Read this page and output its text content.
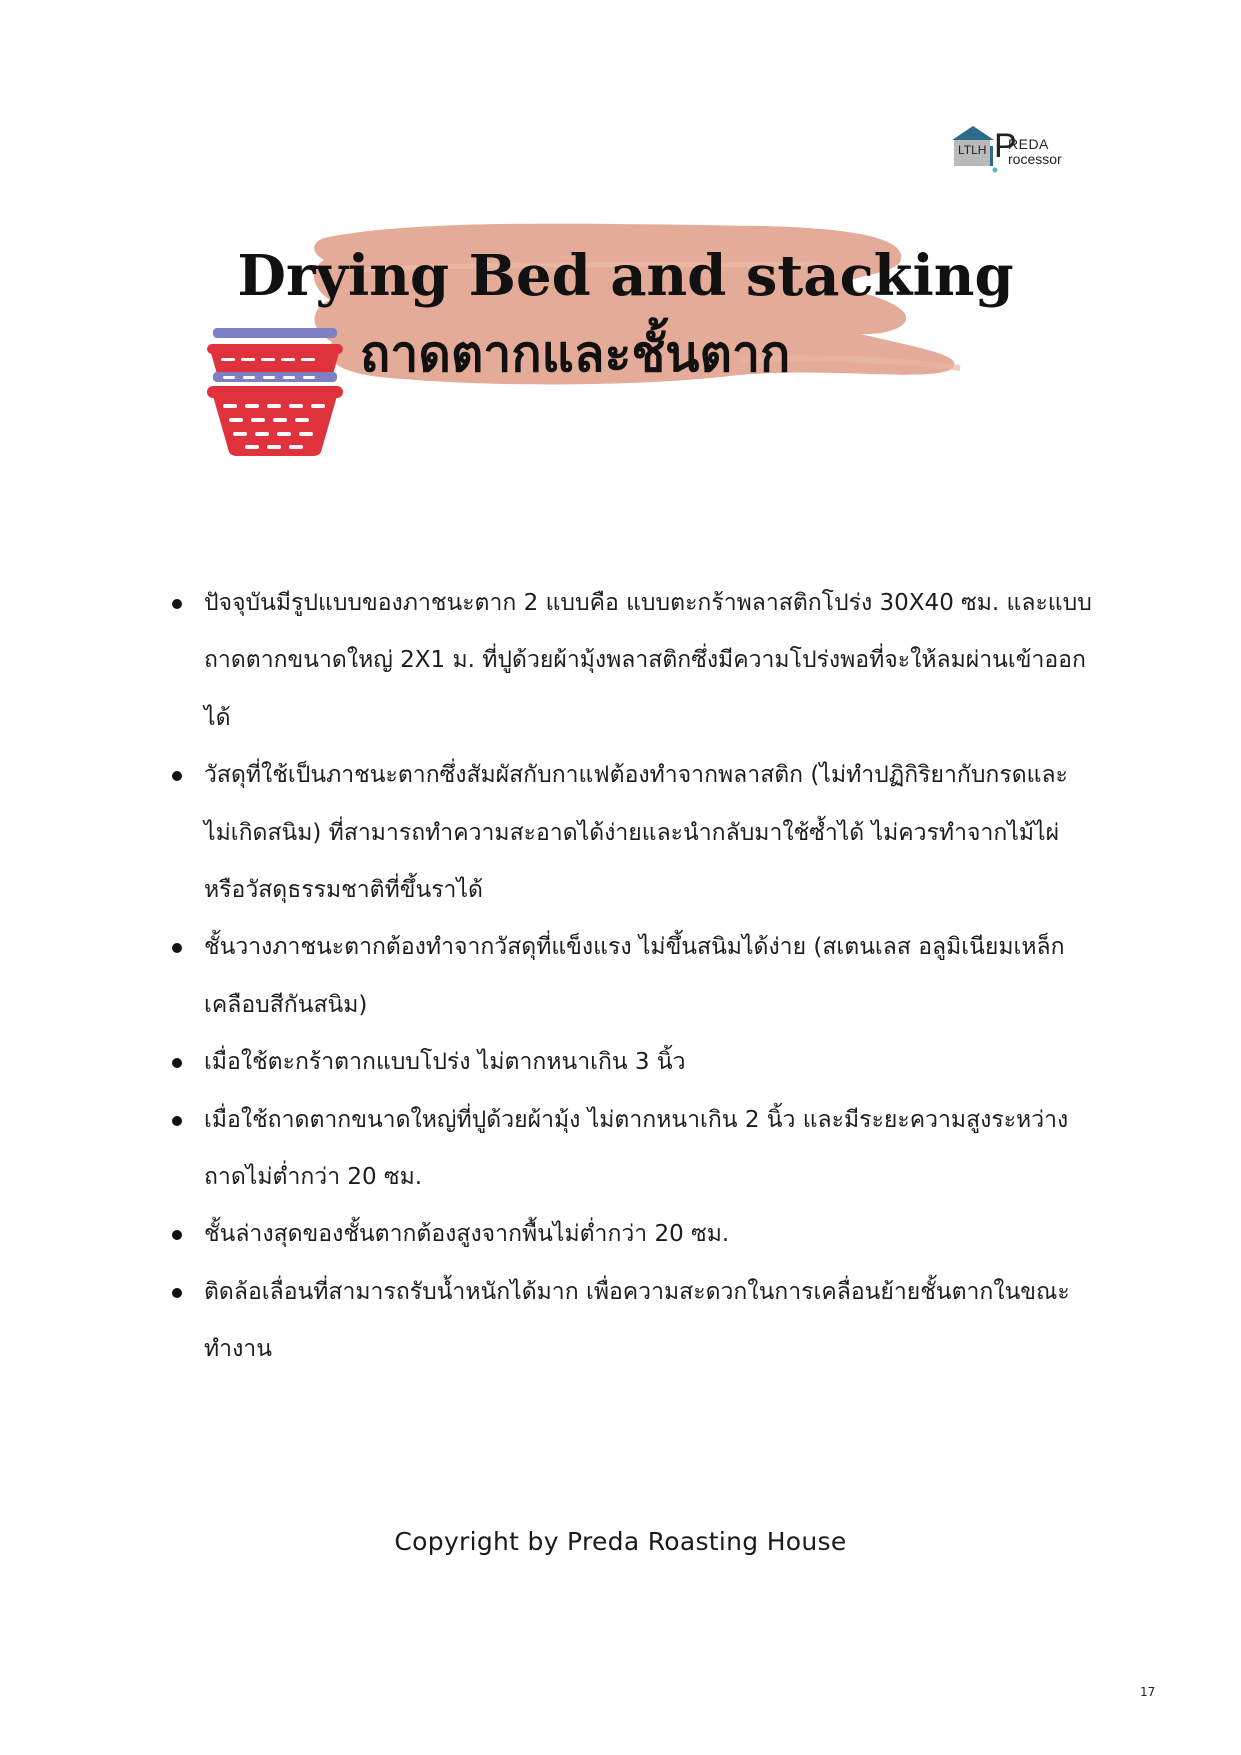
LTLH P
REDA
rocessor
Drying Bed and stacking
ถาดตากและชั้นตาก
ปัจจุบันมีรูปแบบของภาชนะตาก 2 แบบคือ แบบตะกร้าพลาสติกโปร่ง 30X40 ซม. และแบบถาดตากขนาดใหญ่ 2X1 ม. ที่ปูด้วยผ้ามุ้งพลาสติกซึ่งมีความโปร่งพอที่จะให้ลมผ่านเข้าออกได้
วัสดุที่ใช้เป็นภาชนะตากซึ่งสัมผัสกับกาแฟต้องทำจากพลาสติก (ไม่ทำปฏิกิริยากับกรดและไม่เกิดสนิม) ที่สามารถทำความสะอาดได้ง่ายและนำกลับมาใช้ซ้ำได้ ไม่ควรทำจากไม้ไผ่หรือวัสดุธรรมชาติที่ขึ้นราได้
ชั้นวางภาชนะตากต้องทำจากวัสดุที่แข็งแรง ไม่ขึ้นสนิมได้ง่าย (สเตนเลส อลูมิเนียมเหล็กเคลือบสีกันสนิม)
เมื่อใช้ตะกร้าตากแบบโปร่ง ไม่ตากหนาเกิน 3 นิ้ว
เมื่อใช้ถาดตากขนาดใหญ่ที่ปูด้วยผ้ามุ้ง ไม่ตากหนาเกิน 2 นิ้ว และมีระยะความสูงระหว่างถาดไม่ต่ำกว่า 20 ซม.
ชั้นล่างสุดของชั้นตากต้องสูงจากพื้นไม่ต่ำกว่า 20 ซม.
ติดล้อเลื่อนที่สามารถรับน้ำหนักได้มาก เพื่อความสะดวกในการเคลื่อนย้ายชั้นตากในขณะทำงาน
Copyright by Preda Roasting House
17
